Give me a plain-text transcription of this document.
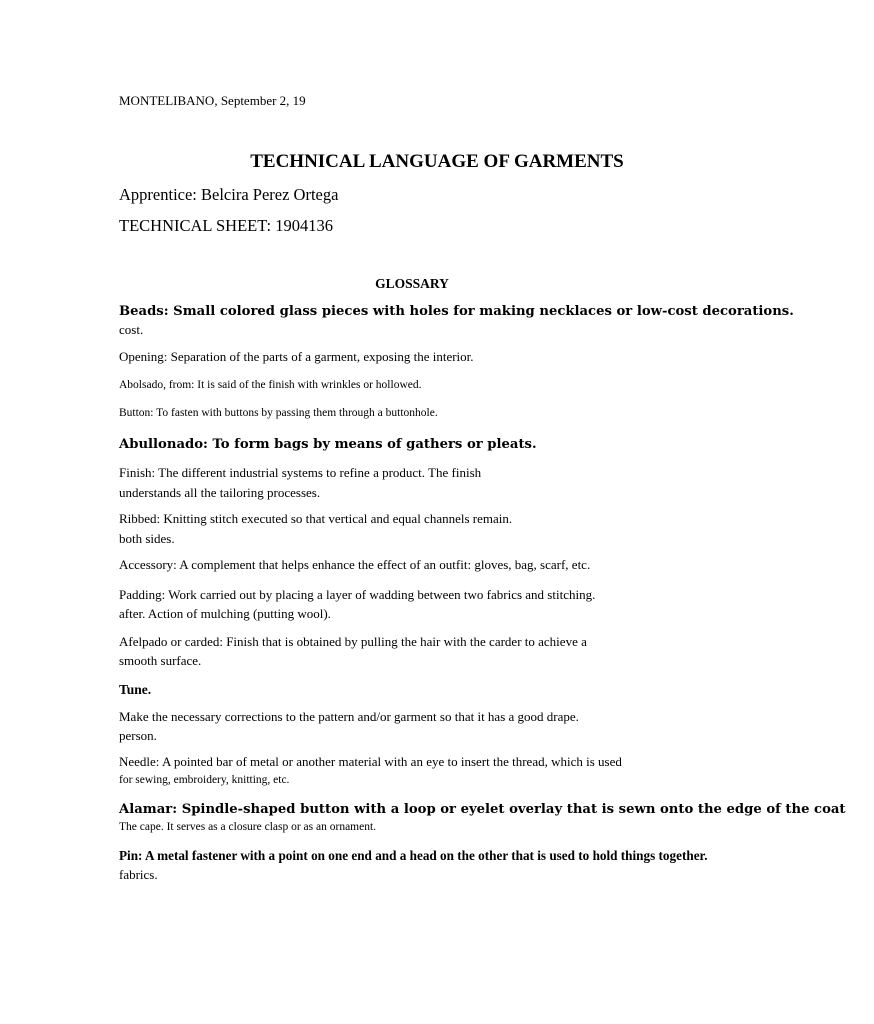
MONTELIBANO, September 2, 19
TECHNICAL LANGUAGE OF GARMENTS
Apprentice: Belcira Perez Ortega
TECHNICAL SHEET: 1904136
GLOSSARY
Beads: Small colored glass pieces with holes for making necklaces or low-cost decorations.
cost.
Opening: Separation of the parts of a garment, exposing the interior.
Abolsado, from: It is said of the finish with wrinkles or hollowed.
Button: To fasten with buttons by passing them through a buttonhole.
Abullonado: To form bags by means of gathers or pleats.
Finish: The different industrial systems to refine a product. The finish
understands all the tailoring processes.
Ribbed: Knitting stitch executed so that vertical and equal channels remain.
both sides.
Accessory: A complement that helps enhance the effect of an outfit: gloves, bag, scarf, etc.
Padding: Work carried out by placing a layer of wadding between two fabrics and stitching.
after. Action of mulching (putting wool).
Afelpado or carded: Finish that is obtained by pulling the hair with the carder to achieve a
smooth surface.
Tune.
Make the necessary corrections to the pattern and/or garment so that it has a good drape.
person.
Needle: A pointed bar of metal or another material with an eye to insert the thread, which is used
for sewing, embroidery, knitting, etc.
Alamar: Spindle-shaped button with a loop or eyelet overlay that is sewn onto the edge of the coat
The cape. It serves as a closure clasp or as an ornament.
Pin: A metal fastener with a point on one end and a head on the other that is used to hold things together.
fabrics.
